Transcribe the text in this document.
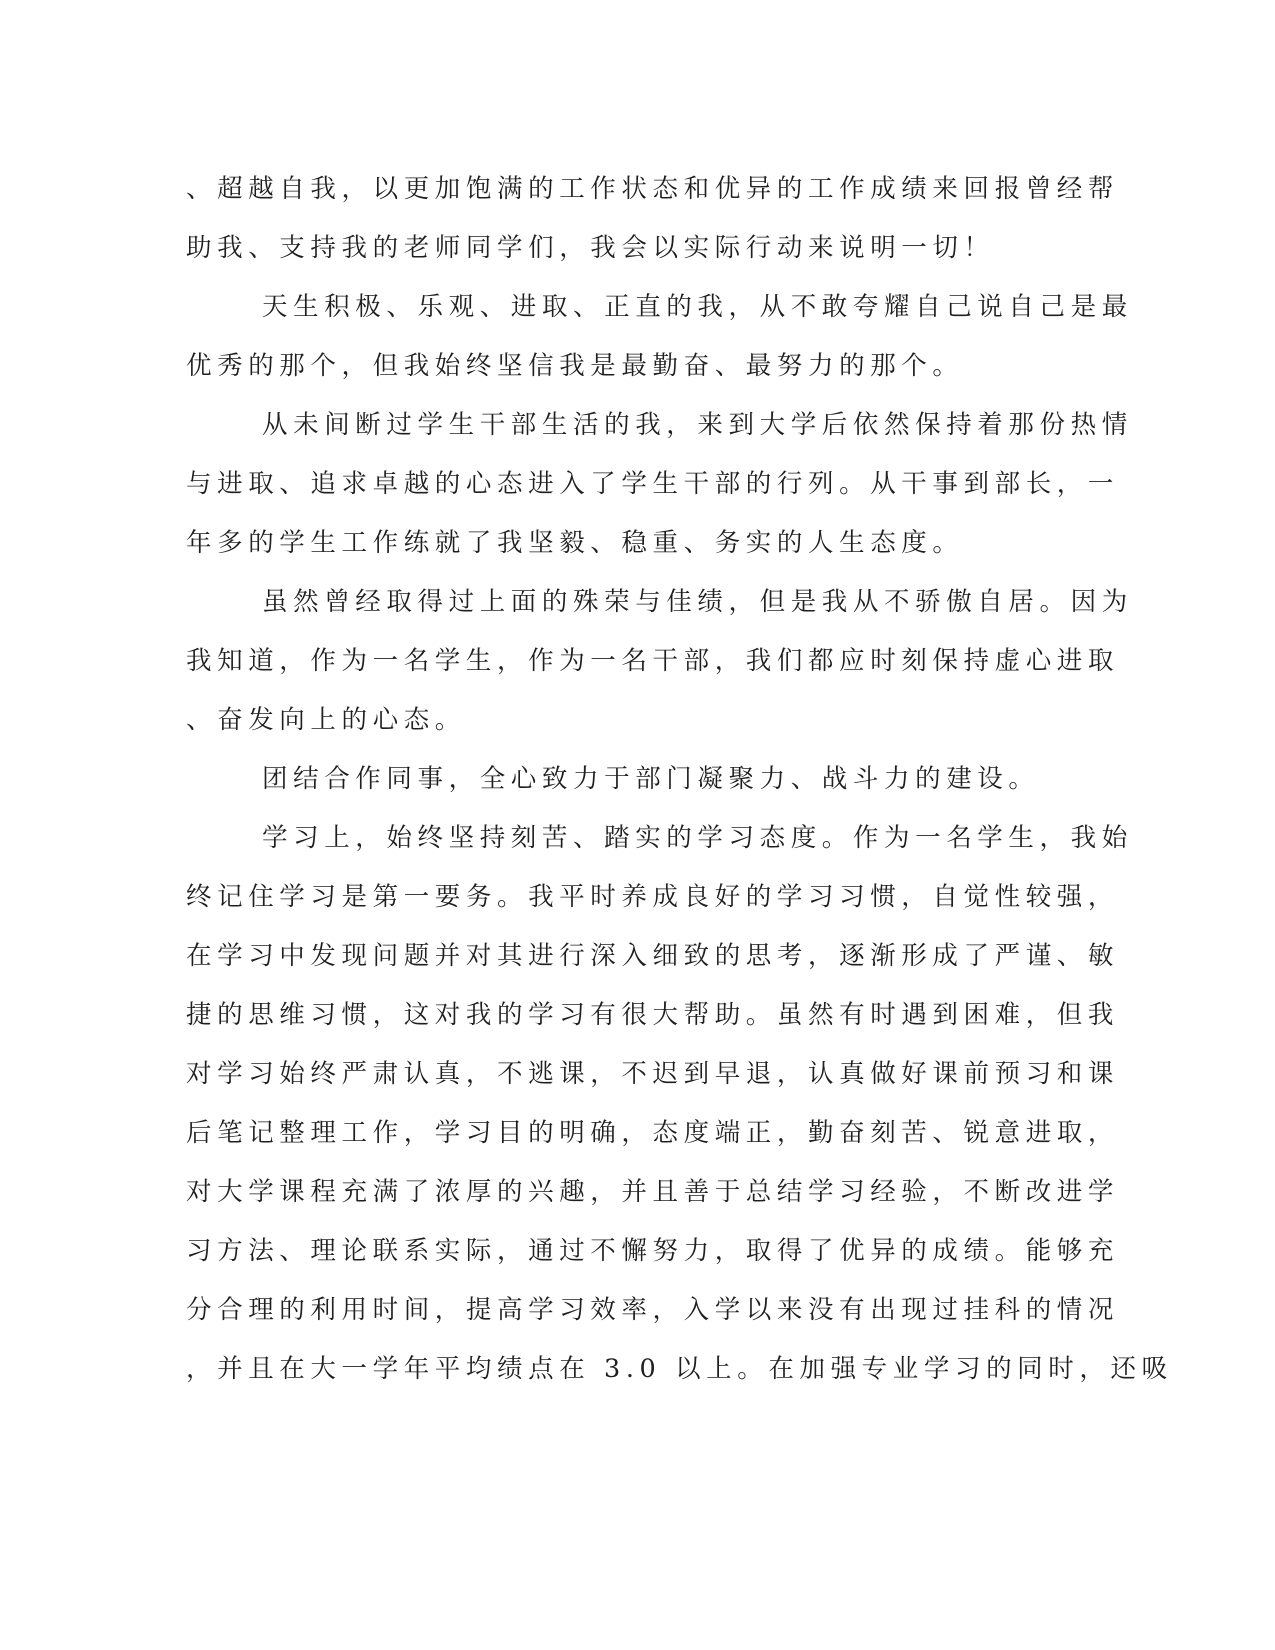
、超越自我，以更加饱满的工作状态和优异的工作成绩来回报曾经帮
助我、支持我的老师同学们，我会以实际行动来说明一切！
天生积极、乐观、进取、正直的我，从不敢夸耀自己说自己是最
优秀的那个，但我始终坚信我是最勤奋、最努力的那个。
从未间断过学生干部生活的我，来到大学后依然保持着那份热情
与进取、追求卓越的心态进入了学生干部的行列。从干事到部长，一
年多的学生工作练就了我坚毅、稳重、务实的人生态度。
虽然曾经取得过上面的殊荣与佳绩，但是我从不骄傲自居。因为
我知道，作为一名学生，作为一名干部，我们都应时刻保持虚心进取
、奋发向上的心态。
团结合作同事，全心致力于部门凝聚力、战斗力的建设。
学习上，始终坚持刻苦、踏实的学习态度。作为一名学生，我始
终记住学习是第一要务。我平时养成良好的学习习惯，自觉性较强，
在学习中发现问题并对其进行深入细致的思考，逐渐形成了严谨、敏
捷的思维习惯，这对我的学习有很大帮助。虽然有时遇到困难，但我
对学习始终严肃认真，不逃课，不迟到早退，认真做好课前预习和课
后笔记整理工作，学习目的明确，态度端正，勤奋刻苦、锐意进取，
对大学课程充满了浓厚的兴趣，并且善于总结学习经验，不断改进学
习方法、理论联系实际，通过不懈努力，取得了优异的成绩。能够充
分合理的利用时间，提高学习效率，入学以来没有出现过挂科的情况
，并且在大一学年平均绩点在 3.0 以上。在加强专业学习的同时，还吸
